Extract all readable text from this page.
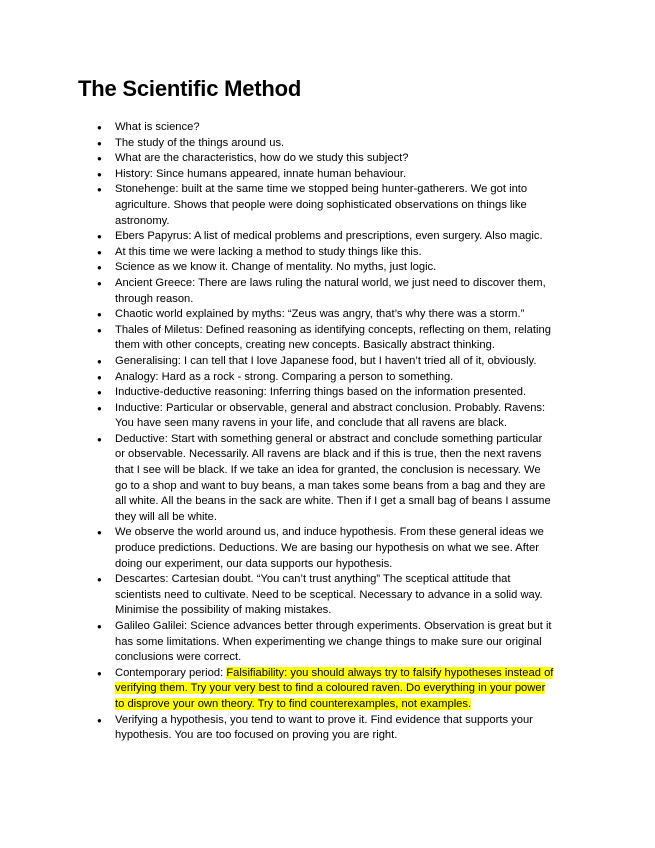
The Scientific Method
● What is science?
● The study of the things around us.
● What are the characteristics, how do we study this subject?
● History: Since humans appeared, innate human behaviour.
● Stonehenge: built at the same time we stopped being hunter-gatherers. We got into agriculture. Shows that people were doing sophisticated observations on things like astronomy.
● Ebers Papyrus: A list of medical problems and prescriptions, even surgery. Also magic.
● At this time we were lacking a method to study things like this.
● Science as we know it. Change of mentality. No myths, just logic.
● Ancient Greece: There are laws ruling the natural world, we just need to discover them, through reason.
● Chaotic world explained by myths: “Zeus was angry, that’s why there was a storm.”
● Thales of Miletus: Defined reasoning as identifying concepts, reflecting on them, relating them with other concepts, creating new concepts. Basically abstract thinking.
● Generalising: I can tell that I love Japanese food, but I haven’t tried all of it, obviously.
● Analogy: Hard as a rock - strong. Comparing a person to something.
● Inductive-deductive reasoning: Inferring things based on the information presented.
● Inductive: Particular or observable, general and abstract conclusion. Probably. Ravens: You have seen many ravens in your life, and conclude that all ravens are black.
● Deductive: Start with something general or abstract and conclude something particular or observable. Necessarily. All ravens are black and if this is true, then the next ravens that I see will be black. If we take an idea for granted, the conclusion is necessary. We go to a shop and want to buy beans, a man takes some beans from a bag and they are all white. All the beans in the sack are white. Then if I get a small bag of beans I assume they will all be white.
● We observe the world around us, and induce hypothesis. From these general ideas we produce predictions. Deductions. We are basing our hypothesis on what we see. After doing our experiment, our data supports our hypothesis.
● Descartes: Cartesian doubt. “You can’t trust anything” The sceptical attitude that scientists need to cultivate. Need to be sceptical. Necessary to advance in a solid way. Minimise the possibility of making mistakes.
● Galileo Galilei: Science advances better through experiments. Observation is great but it has some limitations. When experimenting we change things to make sure our original conclusions were correct.
● Contemporary period: Falsifiability: you should always try to falsify hypotheses instead of verifying them. Try your very best to find a coloured raven. Do everything in your power to disprove your own theory. Try to find counterexamples, not examples.
● Verifying a hypothesis, you tend to want to prove it. Find evidence that supports your hypothesis. You are too focused on proving you are right.
